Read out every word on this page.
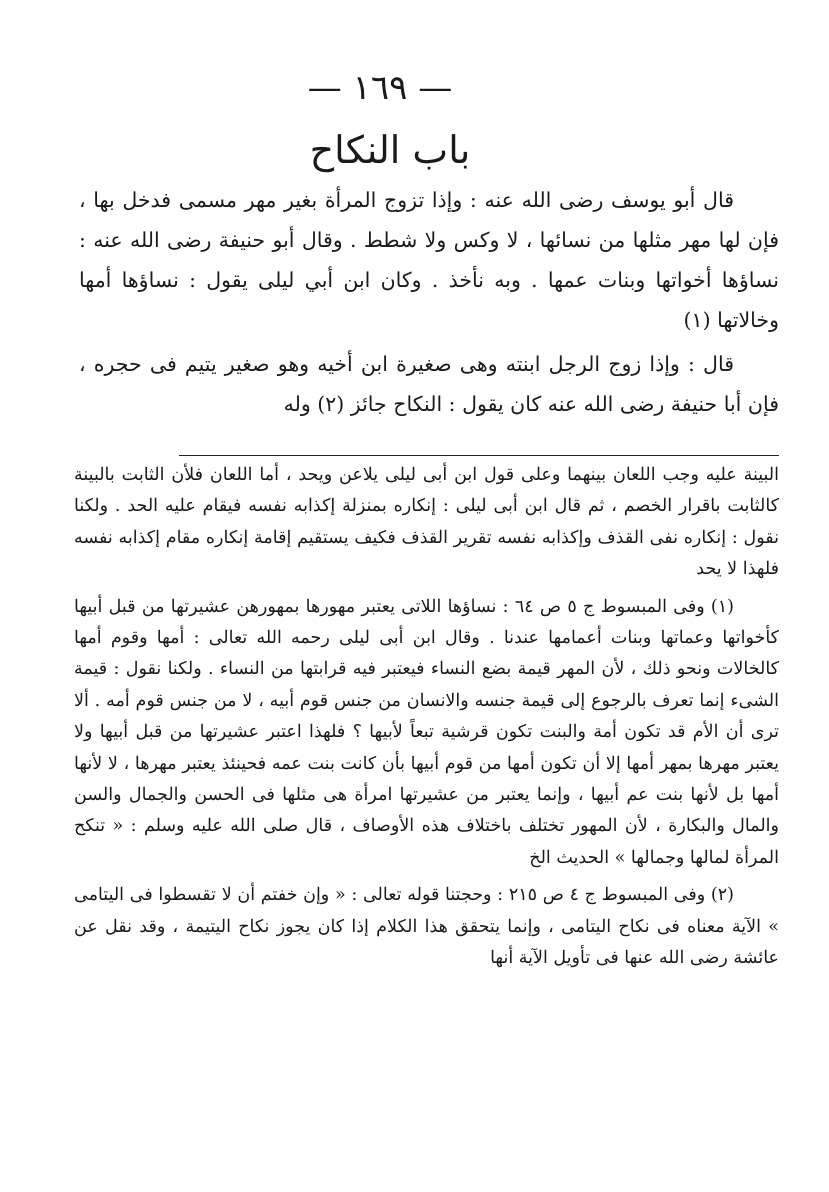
— ١٦٩ —
باب النكاح

قال أبو يوسف رضى الله عنه : وإذا تزوج المرأة بغير مهر مسمى فدخل بها ، فإن لها مهر مثلها من نسائها ، لا وكس ولا شطط . وقال أبو حنيفة رضى الله عنه : نساؤها أخواتها وبنات عمها . وبه نأخذ . وكان ابن أبي ليلى يقول : نساؤها أمها وخالاتها (١)

قال : وإذا زوج الرجل ابنته وهى صغيرة ابن أخيه وهو صغير يتيم فى حجره ، فإن أبا حنيفة رضى الله عنه كان يقول : النكاح جائز (٢) وله

البينة عليه وجب اللعان بينهما وعلى قول ابن أبى ليلى يلاعن ويحد ، أما اللعان فلأن الثابت بالبينة كالثابت باقرار الخصم ، ثم قال ابن أبى ليلى : إنكاره بمنزلة إكذابه نفسه فيقام عليه الحد . ولكنا نقول : إنكاره نفى القذف وإكذابه نفسه تقرير القذف فكيف يستقيم إقامة إنكاره مقام إكذابه نفسه فلهذا لا يحد

(١) وفى المبسوط ج ٥ ص ٦٤ : نساؤها اللاتى يعتبر مهورها بمهورهن عشيرتها من قبل أبيها كأخواتها وعماتها وبنات أعمامها عندنا . وقال ابن أبى ليلى رحمه الله تعالى : أمها وقوم أمها كالخالات ونحو ذلك ، لأن المهر قيمة بضع النساء فيعتبر فيه قرابتها من النساء . ولكنا نقول : قيمة الشىء إنما تعرف بالرجوع إلى قيمة جنسه والانسان من جنس قوم أبيه ، لا من جنس قوم أمه . ألا ترى أن الأم قد تكون أمة والبنت تكون قرشية تبعاً لأبيها ؟ فلهذا اعتبر عشيرتها من قبل أبيها ولا يعتبر مهرها بمهر أمها إلا أن تكون أمها من قوم أبيها بأن كانت بنت عمه فحينئذ يعتبر مهرها ، لا لأنها أمها بل لأنها بنت عم أبيها ، وإنما يعتبر من عشيرتها امرأة هى مثلها فى الحسن والجمال والسن والمال والبكارة ، لأن المهور تختلف باختلاف هذه الأوصاف ، قال صلى الله عليه وسلم : « تنكح المرأة لمالها وجمالها » الحديث الخ

(٢) وفى المبسوط ج ٤ ص ٢١٥ : وحجتنا قوله تعالى : « وإن خفتم أن لا تقسطوا فى اليتامى » الآية معناه فى نكاح اليتامى ، وإنما يتحقق هذا الكلام إذا كان يجوز نكاح اليتيمة ، وقد نقل عن عائشة رضى الله عنها فى تأويل الآية أنها
